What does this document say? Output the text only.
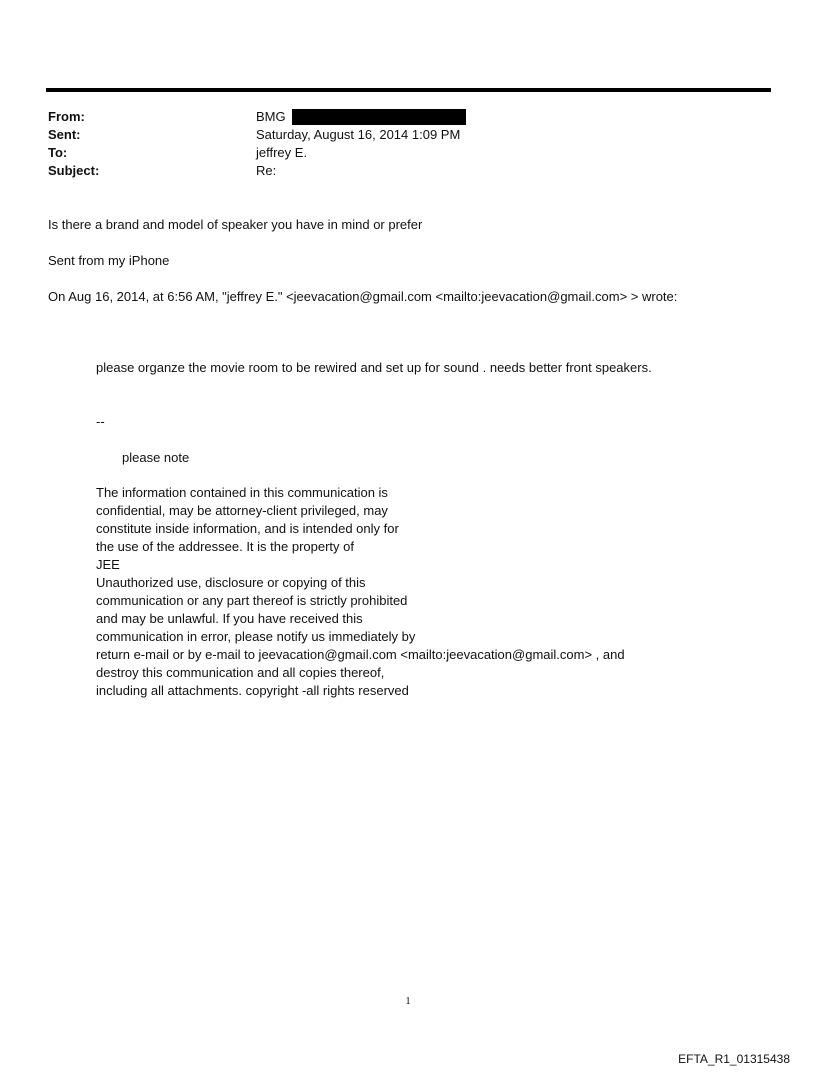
From:	BMG
Sent:	Saturday, August 16, 2014 1:09 PM
To:	jeffrey E.
Subject:	Re:
Is there a brand and model of speaker you have in mind or prefer
Sent from my iPhone
On Aug 16, 2014, at 6:56 AM, "jeffrey E." <jeevacation@gmail.com <mailto:jeevacation@gmail.com> > wrote:
please organze the movie room to be rewired and set up for sound . needs better front speakers.
--
please note
The information contained in this communication is
confidential, may be attorney-client privileged, may
constitute inside information, and is intended only for
the use of the addressee. It is the property of
JEE
Unauthorized use, disclosure or copying of this
communication or any part thereof is strictly prohibited
and may be unlawful. If you have received this
communication in error, please notify us immediately by
return e-mail or by e-mail to jeevacation@gmail.com <mailto:jeevacation@gmail.com> , and
destroy this communication and all copies thereof,
including all attachments. copyright -all rights reserved
1
EFTA_R1_01315438
